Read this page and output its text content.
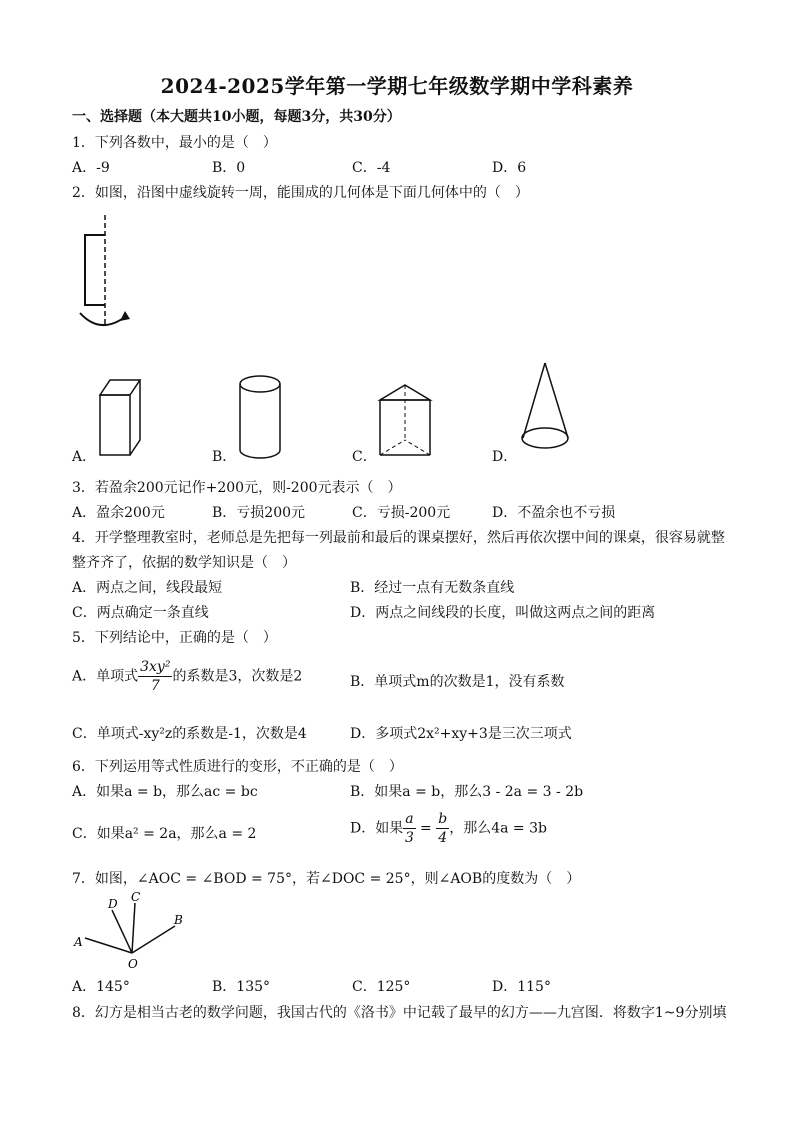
2024-2025学年第一学期七年级数学期中学科素养
一、选择题（本大题共10小题，每题3分，共30分）
1．下列各数中，最小的是（　）
A．-9	B．0	C．-4	D．6
2．如图，沿图中虚线旋转一周，能围成的几何体是下面几何体中的（　）
A．	B．	C．	D．
3．若盈余200元记作+200元，则-200元表示（　）
A．盈余200元	B．亏损200元	C．亏损-200元	D．不盈余也不亏损
4．开学整理教室时，老师总是先把每一列最前和最后的课桌摆好，然后再依次摆中间的课桌，很容易就整
整齐齐了，依据的数学知识是（　）
A．两点之间，线段最短	B．经过一点有无数条直线
C．两点确定一条直线	D．两点之间线段的长度，叫做这两点之间的距离
5．下列结论中，正确的是（　）
A．单项式 $\frac{\text{3xy²}}{7}$ 的系数是3，次数是2	B．单项式m的次数是1，没有系数
C．单项式-xy²z的系数是-1，次数是4	D．多项式2x²+xy+3是三次三项式
6．下列运用等式性质进行的变形，不正确的是（　）
A．如果a = b，那么ac = bc	B．如果a = b，那么3 - 2a = 3 - 2b
C．如果a² = 2a，那么a = 2	D．如果 $\frac{a}{3} = \frac{b}{4}$ ，那么4a = 3b
7．如图，∠AOC = ∠BOD = 75°，若∠DOC = 25°，则∠AOB的度数为（　）
A
D C
B
O
A．145°	B．135°	C．125°	D．115°
8．幻方是相当古老的数学问题，我国古代的《洛书》中记载了最早的幻方——九宫图．将数字1~9分别填
